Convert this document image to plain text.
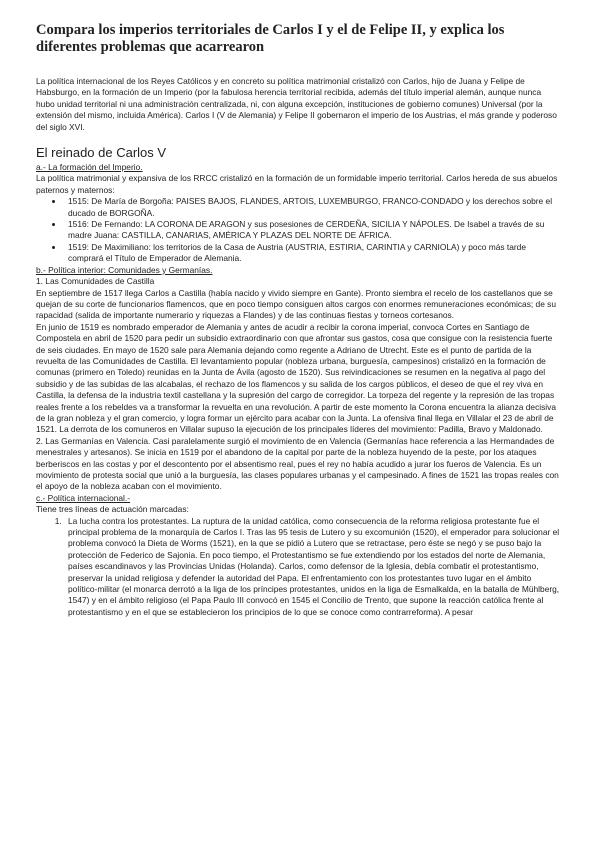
Compara los imperios territoriales de Carlos I y el de Felipe II, y explica los diferentes problemas que acarrearon

La política internacional de los Reyes Católicos y en concreto su política matrimonial cristalizó con Carlos, hijo de Juana y Felipe de Habsburgo, en la formación de un Imperio (por la fabulosa herencia territorial recibida, además del título imperial alemán, aunque nunca hubo unidad territorial ni una administración centralizada, ni, con alguna excepción, instituciones de gobierno comunes) Universal (por la extensión del mismo, incluida América). Carlos I (V de Alemania) y Felipe II gobernaron el imperio de los Austrias, el más grande y poderoso del siglo XVI.

El reinado de Carlos V

a.- La formación del Imperio.

La política matrimonial y expansiva de los RRCC cristalizó en la formación de un formidable imperio territorial. Carlos hereda de sus abuelos paternos y maternos:

• 1515: De María de Borgoña: PAISES BAJOS, FLANDES, ARTOIS, LUXEMBURGO, FRANCO-CONDADO y los derechos sobre el ducado de BORGOÑA.
• 1516: De Fernando: LA CORONA DE ARAGON y sus posesiones de CERDEÑA, SICILIA Y NÁPOLES. De Isabel a través de su madre Juana: CASTILLA, CANARIAS, AMÉRICA Y PLAZAS DEL NORTE DE ÁFRICA.
• 1519: De Maximiliano: los territorios de la Casa de Austria (AUSTRIA, ESTIRIA, CARINTIA y CARNIOLA) y poco más tarde comprará el Título de Emperador de Alemania.

b.- Política interior: Comunidades y Germanías.

1. Las Comunidades de Castilla

En septiembre de 1517 llega Carlos a Castilla (había nacido y vivido siempre en Gante). Pronto siembra el recelo de los castellanos que se quejan de su corte de funcionarios flamencos, que en poco tiempo consiguen altos cargos con enormes remuneraciones económicas; de su rapacidad (salida de importante numerario y riquezas a Flandes) y de las continuas fiestas y torneos cortesanos.

En junio de 1519 es nombrado emperador de Alemania y antes de acudir a recibir la corona imperial, convoca Cortes en Santiago de Compostela en abril de 1520 para pedir un subsidio extraordinario con que afrontar sus gastos, cosa que consigue con la resistencia fuerte de seis ciudades. En mayo de 1520 sale para Alemania dejando como regente a Adriano de Utrecht. Este es el punto de partida de la revuelta de las Comunidades de Castilla. El levantamiento popular (nobleza urbana, burguesía, campesinos) cristalizó en la formación de comunas (primero en Toledo) reunidas en la Junta de Ávila (agosto de 1520). Sus reivindicaciones se resumen en la negativa al pago del subsidio y de las subidas de las alcabalas, el rechazo de los flamencos y su salida de los cargos públicos, el deseo de que el rey viva en Castilla, la defensa de la industria textil castellana y la supresión del cargo de corregidor. La torpeza del regente y la represión de las tropas reales frente a los rebeldes va a transformar la revuelta en una revolución. A partir de este momento la Corona encuentra la alianza decisiva de la gran nobleza y el gran comercio, y logra formar un ejército para acabar con la Junta. La ofensiva final llega en Villalar el 23 de abril de 1521. La derrota de los comuneros en Villalar supuso la ejecución de los principales líderes del movimiento: Padilla, Bravo y Maldonado.

2. Las Germanías en Valencia. Casi paralelamente surgió el movimiento de en Valencia (Germanías hace referencia a las Hermandades de menestrales y artesanos). Se inicia en 1519 por el abandono de la capital por parte de la nobleza huyendo de la peste, por los ataques berberiscos en las costas y por el descontento por el absentismo real, pues el rey no había acudido a jurar los fueros de Valencia. Es un movimiento de protesta social que unió a la burguesía, las clases populares urbanas y el campesinado. A fines de 1521 las tropas reales con el apoyo de la nobleza acaban con el movimiento.

c.- Política internacional.-

Tiene tres líneas de actuación marcadas:

1. La lucha contra los protestantes. La ruptura de la unidad católica, como consecuencia de la reforma religiosa protestante fue el principal problema de la monarquía de Carlos I. Tras las 95 tesis de Lutero y su excomunión (1520), el emperador para solucionar el problema convocó la Dieta de Worms (1521), en la que se pidió a Lutero que se retractase, pero éste se negó y se puso bajo la protección de Federico de Sajonia. En poco tiempo, el Protestantismo se fue extendiendo por los estados del norte de Alemania, países escandinavos y las Provincias Unidas (Holanda). Carlos, como defensor de la Iglesia, debía combatir el protestantismo, preservar la unidad religiosa y defender la autoridad del Papa. El enfrentamiento con los protestantes tuvo lugar en el ámbito político-militar (el monarca derrotó a la liga de los príncipes protestantes, unidos en la liga de Esmalkalda, en la batalla de Mühlberg, 1547) y en el ámbito religioso (el Papa Paulo III convocó en 1545 el Concilio de Trento, que supone la reacción católica frente al protestantismo y en el que se establecieron los principios de lo que se conoce como contrarreforma). A pesar
